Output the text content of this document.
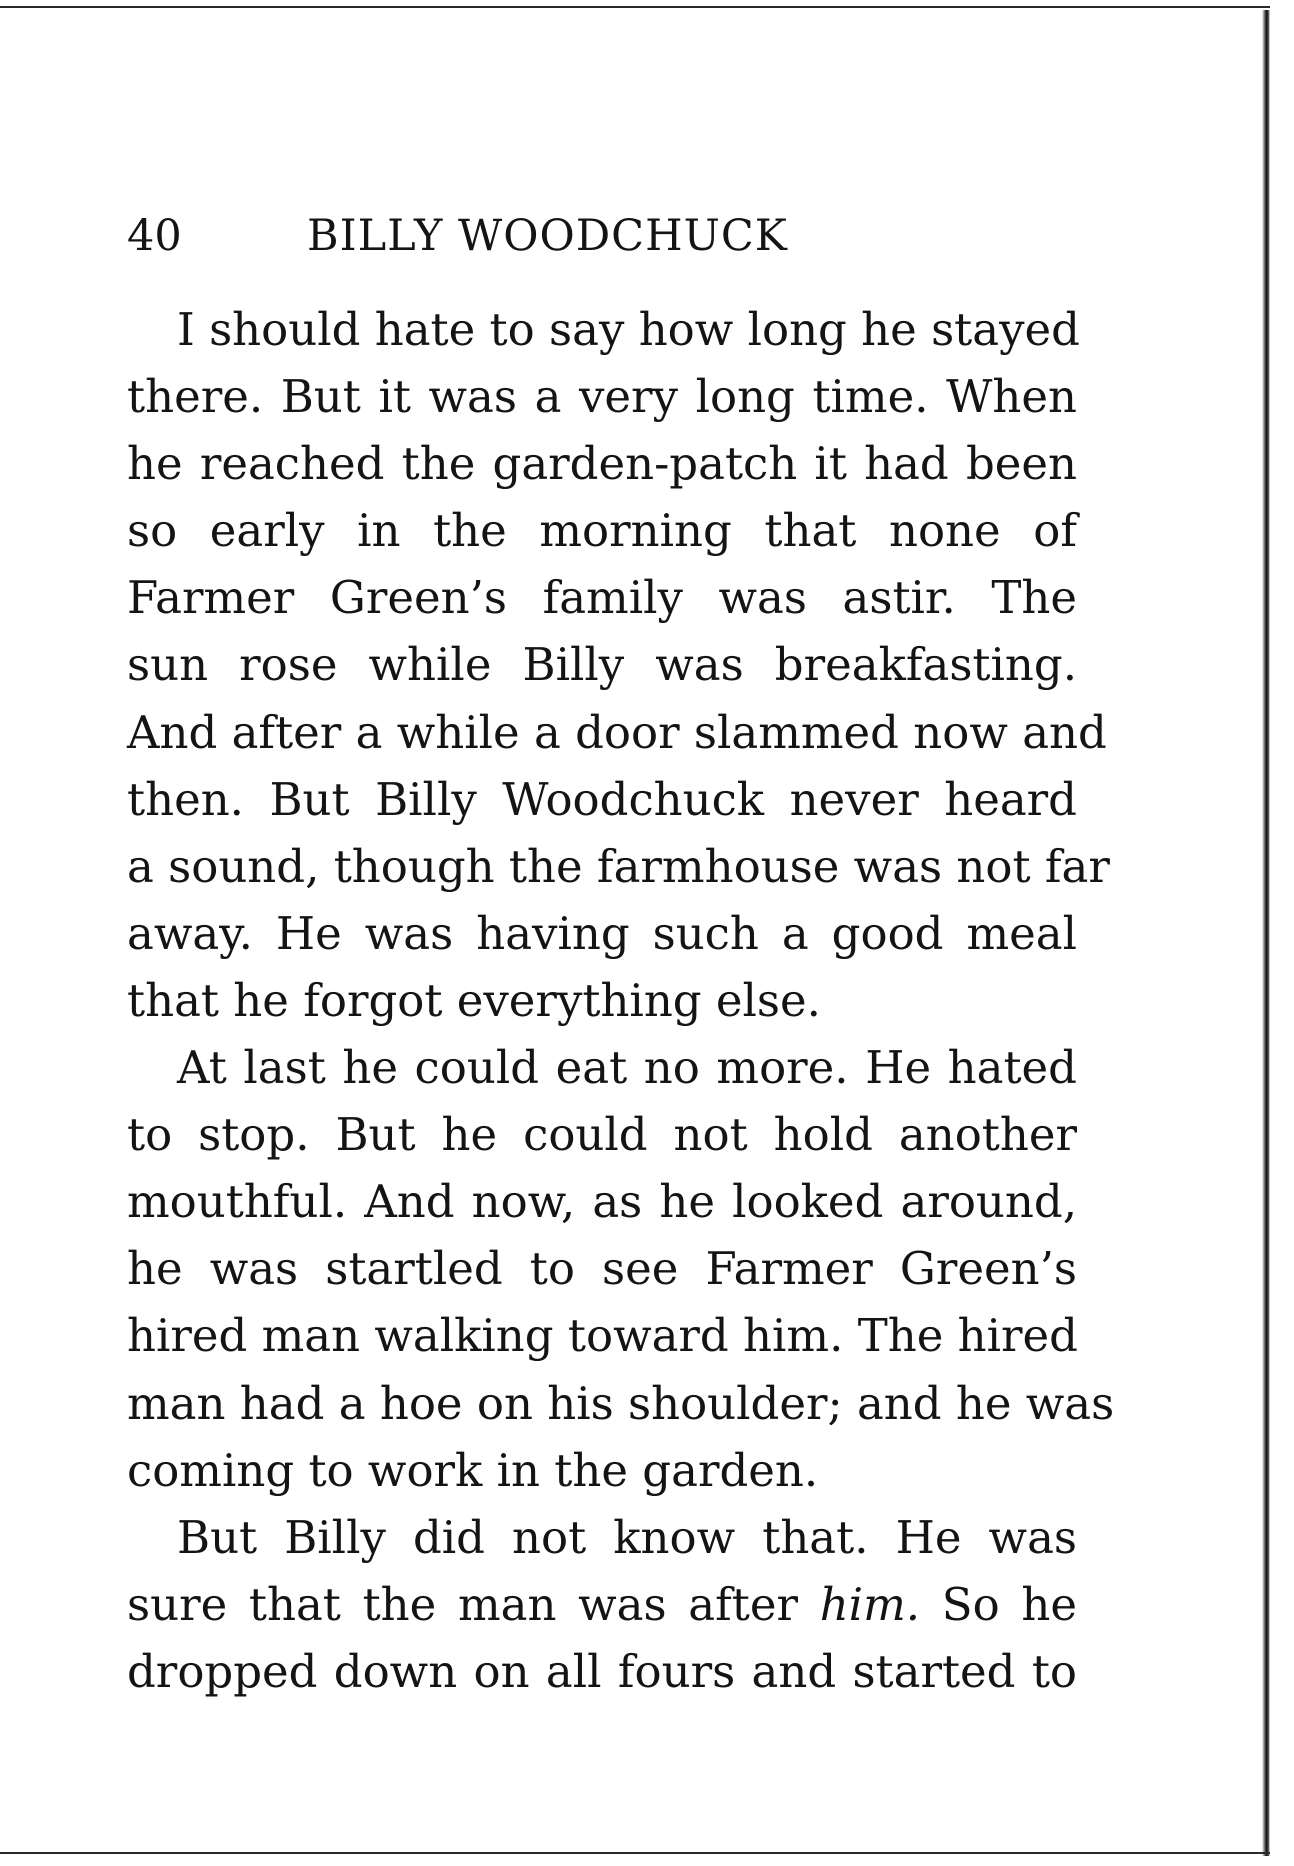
40	BILLY WOODCHUCK
I should hate to say how long he stayed
there. But it was a very long time. When
he reached the garden-patch it had been
so early in the morning that none of
Farmer Green’s family was astir. The
sun rose while Billy was breakfasting.
And after a while a door slammed now and
then. But Billy Woodchuck never heard
a sound, though the farmhouse was not far
away. He was having such a good meal
that he forgot everything else.
At last he could eat no more. He hated
to stop. But he could not hold another
mouthful. And now, as he looked around,
he was startled to see Farmer Green’s
hired man walking toward him. The hired
man had a hoe on his shoulder; and he was
coming to work in the garden.
But Billy did not know that. He was
sure that the man was after him. So he
dropped down on all fours and started to
